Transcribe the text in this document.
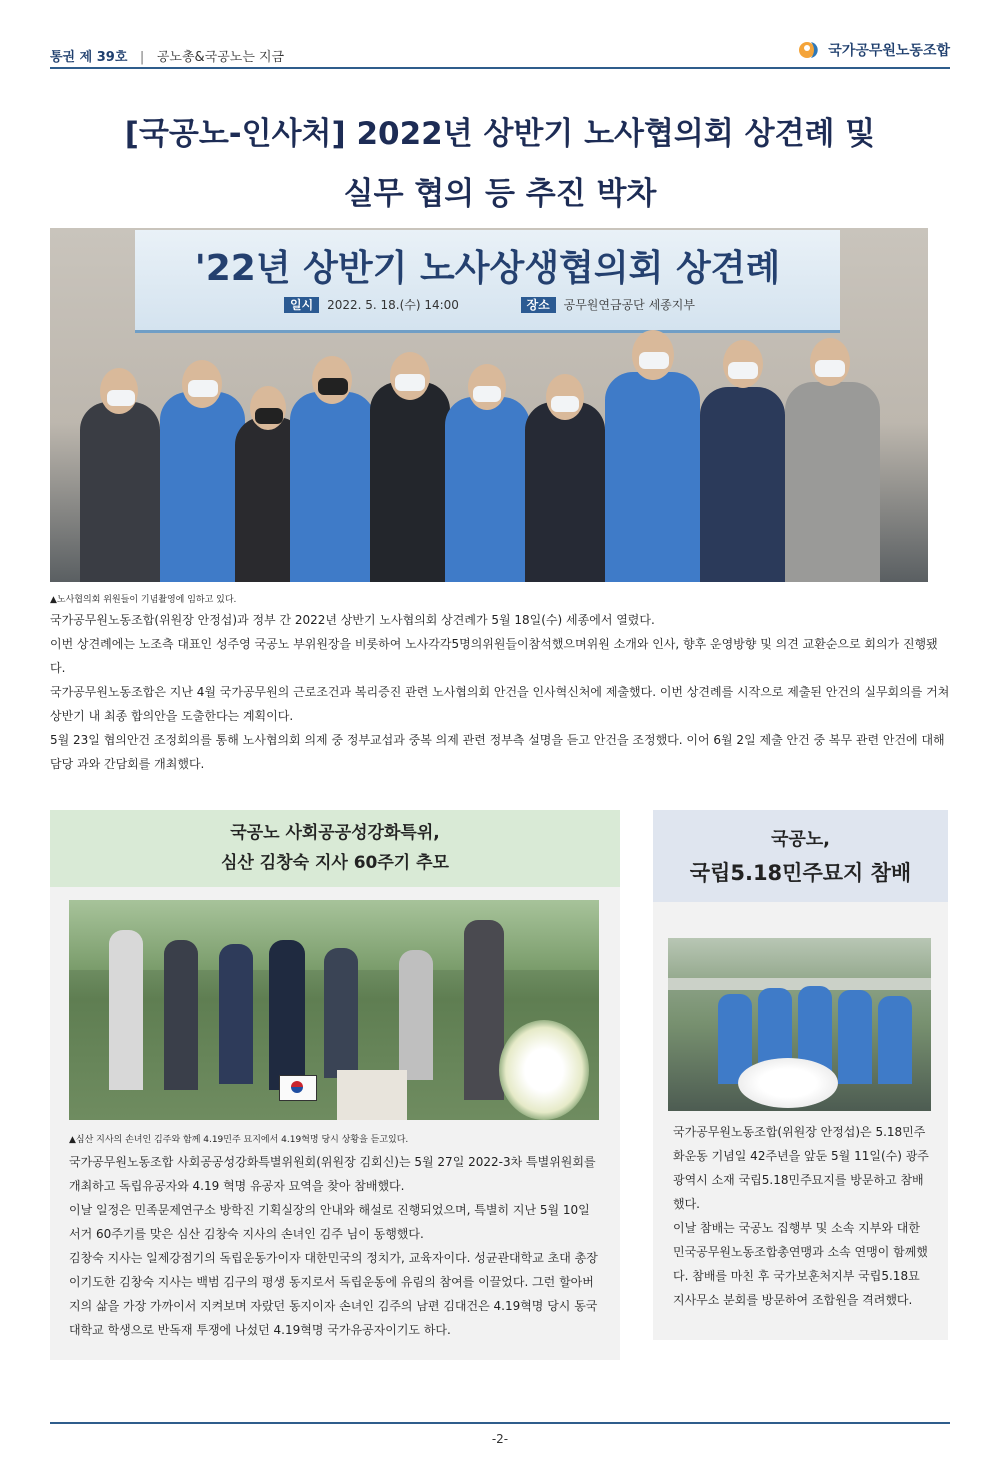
통권 제 39호 | 공노총&국공노는 지금	국가공무원노동조합
[국공노-인사처] 2022년 상반기 노사협의회 상견례 및
실무 협의 등 추진 박차
'22년 상반기 노사상생협의회 상견례
일시 2022. 5. 18.(수) 14:00	장소 공무원연금공단 세종지부
▲노사협의회 위원들이 기념촬영에 임하고 있다.

국가공무원노동조합(위원장 안정섭)과 정부 간 2022년 상반기 노사협의회 상견례가 5월 18일(수) 세종에서 열렸다.

이번 상견례에는 노조측 대표인 성주영 국공노 부위원장을 비롯하여 노사각각5명의위원들이참석했으며위원 소개와 인사, 향후 운영방향 및 의견 교환순으로 회의가 진행됐다.

국가공무원노동조합은 지난 4월 국가공무원의 근로조건과 복리증진 관련 노사협의회 안건을 인사혁신처에 제출했다. 이번 상견례를 시작으로 제출된 안건의 실무회의를 거쳐 상반기 내 최종 합의안을 도출한다는 계획이다.

5월 23일 협의안건 조정회의를 통해 노사협의회 의제 중 정부교섭과 중복 의제 관련 정부측 설명을 듣고 안건을 조정했다. 이어 6월 2일 제출 안건 중 복무 관련 안건에 대해 담당 과와 간담회를 개최했다.

국공노 사회공공성강화특위,
심산 김창숙 지사 60주기 추모
▲심산 지사의 손녀인 김주와 함께 4.19민주 묘지에서 4.19혁명 당시 상황을 듣고있다.

국가공무원노동조합 사회공공성강화특별위원회(위원장 김회신)는 5월 27일 2022-3차 특별위원회를 개최하고 독립유공자와 4.19 혁명 유공자 묘역을 찾아 참배했다.

이날 일정은 민족문제연구소 방학진 기획실장의 안내와 해설로 진행되었으며, 특별히 지난 5월 10일 서거 60주기를 맞은 심산 김창숙 지사의 손녀인 김주 님이 동행했다.

김창숙 지사는 일제강점기의 독립운동가이자 대한민국의 정치가, 교육자이다. 성균관대학교 초대 총장이기도한 김창숙 지사는 백범 김구의 평생 동지로서 독립운동에 유림의 참여를 이끌었다. 그런 할아버지의 삶을 가장 가까이서 지켜보며 자랐던 동지이자 손녀인 김주의 남편 김대건은 4.19혁명 당시 동국대학교 학생으로 반독재 투쟁에 나섰던 4.19혁명 국가유공자이기도 하다.

국공노,
국립5.18민주묘지 참배

국가공무원노동조합(위원장 안정섭)은 5.18민주화운동 기념일 42주년을 앞둔 5월 11일(수) 광주광역시 소재 국립5.18민주묘지를 방문하고 참배했다.

이날 참배는 국공노 집행부 및 소속 지부와 대한민국공무원노동조합총연맹과 소속 연맹이 함께했다. 참배를 마친 후 국가보훈처지부 국립5.18묘지사무소 분회를 방문하여 조합원을 격려했다.

-2-
